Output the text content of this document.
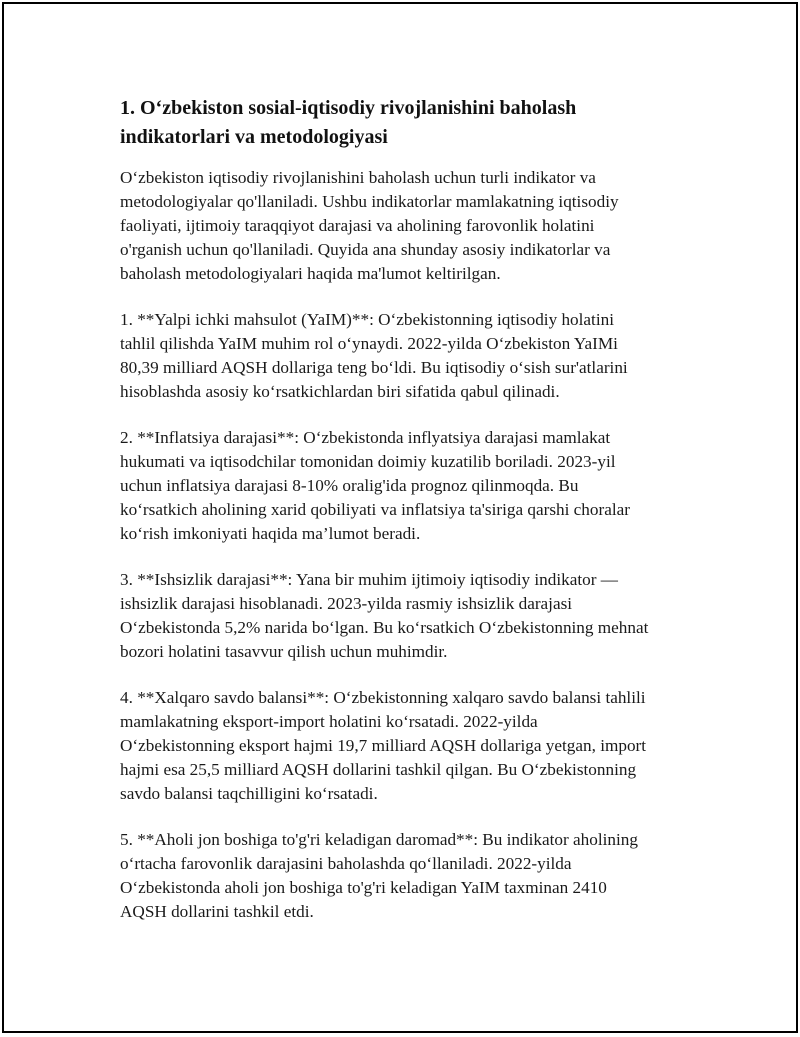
1. O‘zbekiston sosial-iqtisodiy rivojlanishini baholash
indikatorlari va metodologiyasi

O‘zbekiston iqtisodiy rivojlanishini baholash uchun turli indikator va
metodologiyalar qo'llaniladi. Ushbu indikatorlar mamlakatning iqtisodiy
faoliyati, ijtimoiy taraqqiyot darajasi va aholining farovonlik holatini
o'rganish uchun qo'llaniladi. Quyida ana shunday asosiy indikatorlar va
baholash metodologiyalari haqida ma'lumot keltirilgan.

1. **Yalpi ichki mahsulot (YaIM)**: O‘zbekistonning iqtisodiy holatini
tahlil qilishda YaIM muhim rol o‘ynaydi. 2022-yilda O‘zbekiston YaIMi
80,39 milliard AQSH dollariga teng bo‘ldi. Bu iqtisodiy o‘sish sur'atlarini
hisoblashda asosiy ko‘rsatkichlardan biri sifatida qabul qilinadi.

2. **Inflatsiya darajasi**: O‘zbekistonda inflyatsiya darajasi mamlakat
hukumati va iqtisodchilar tomonidan doimiy kuzatilib boriladi. 2023-yil
uchun inflatsiya darajasi 8-10% oralig'ida prognoz qilinmoqda. Bu
ko‘rsatkich aholining xarid qobiliyati va inflatsiya ta'siriga qarshi choralar
ko‘rish imkoniyati haqida ma’lumot beradi.

3. **Ishsizlik darajasi**: Yana bir muhim ijtimoiy iqtisodiy indikator —
ishsizlik darajasi hisoblanadi. 2023-yilda rasmiy ishsizlik darajasi
O‘zbekistonda 5,2% narida bo‘lgan. Bu ko‘rsatkich O‘zbekistonning mehnat
bozori holatini tasavvur qilish uchun muhimdir.

4. **Xalqaro savdo balansi**: O‘zbekistonning xalqaro savdo balansi tahlili
mamlakatning eksport-import holatini ko‘rsatadi. 2022-yilda
O‘zbekistonning eksport hajmi 19,7 milliard AQSH dollariga yetgan, import
hajmi esa 25,5 milliard AQSH dollarini tashkil qilgan. Bu O‘zbekistonning
savdo balansi taqchilligini ko‘rsatadi.

5. **Aholi jon boshiga to'g'ri keladigan daromad**: Bu indikator aholining
o‘rtacha farovonlik darajasini baholashda qo‘llaniladi. 2022-yilda
O‘zbekistonda aholi jon boshiga to'g'ri keladigan YaIM taxminan 2410
AQSH dollarini tashkil etdi.
